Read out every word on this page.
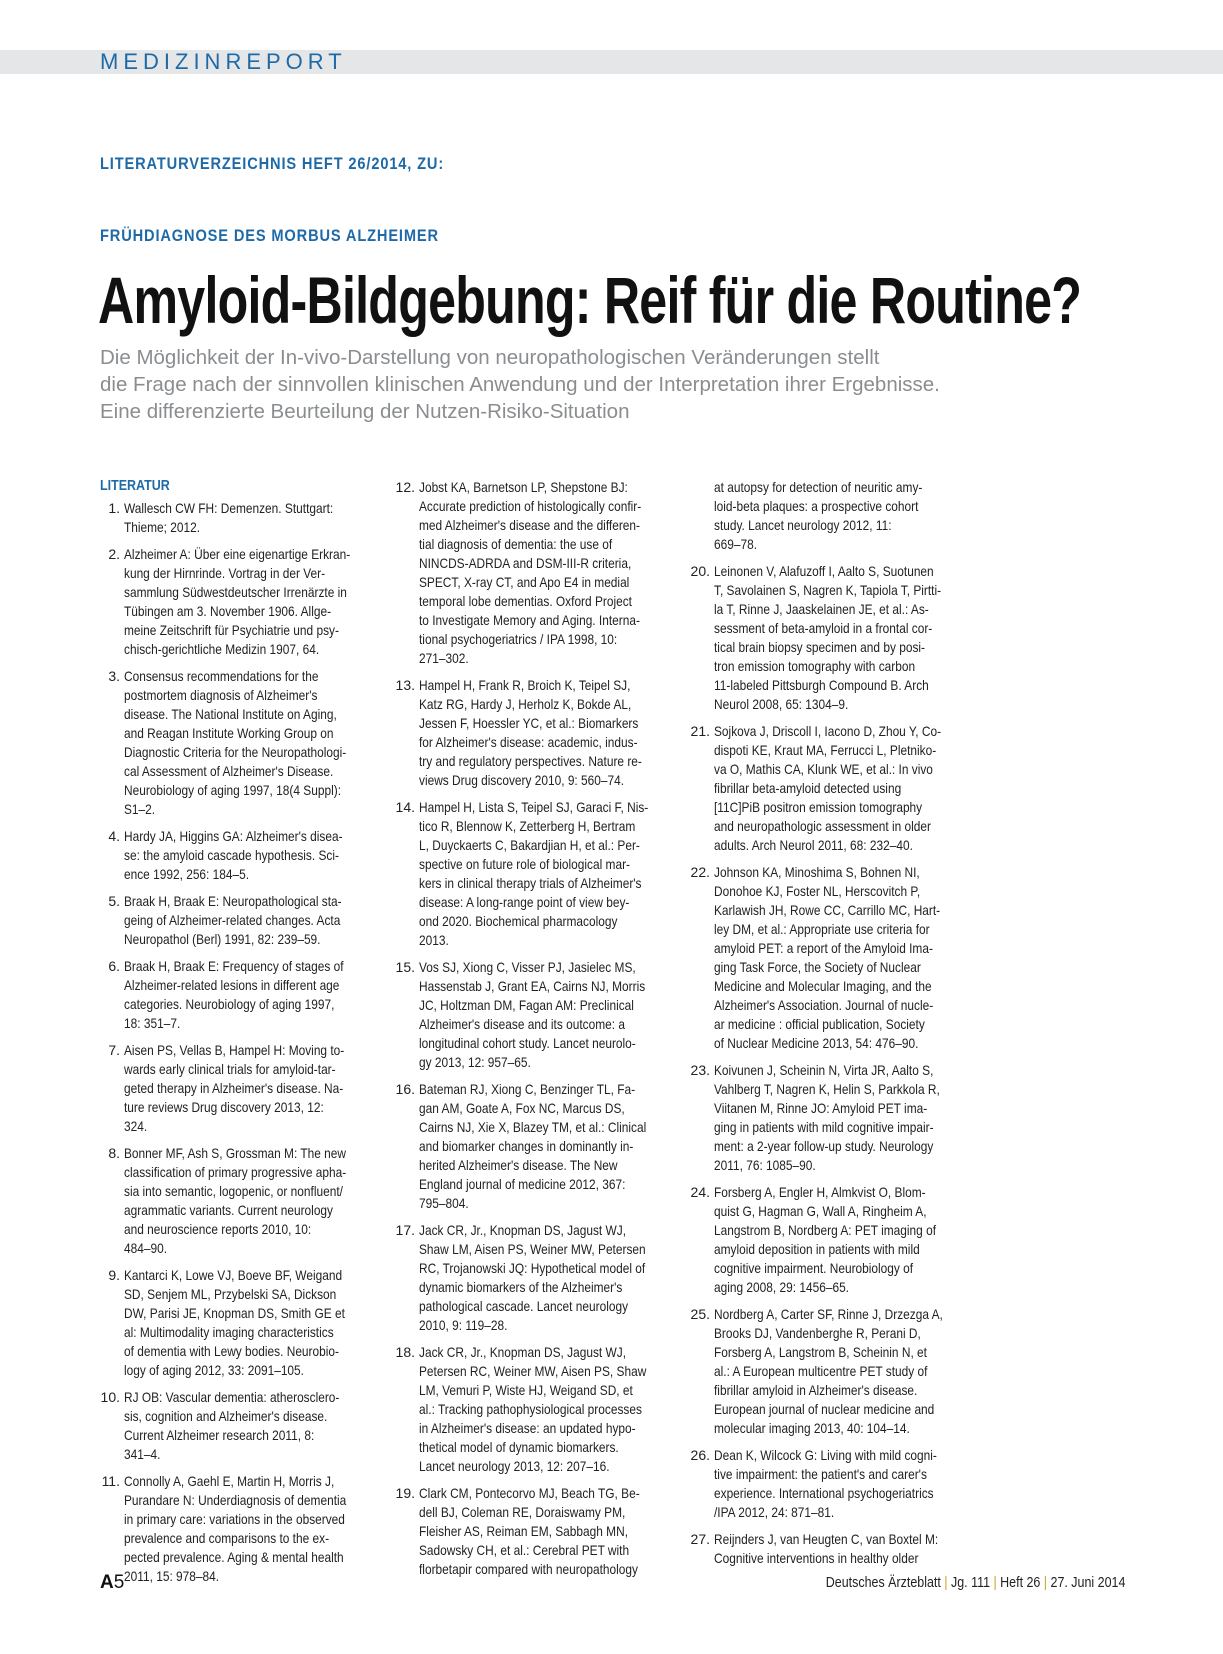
MEDIZINREPORT
LITERATURVERZEICHNIS HEFT 26/2014, ZU:
FRÜHDIAGNOSE DES MORBUS ALZHEIMER
Amyloid-Bildgebung: Reif für die Routine?

Die Möglichkeit der In-vivo-Darstellung von neuropathologischen Veränderungen stellt
die Frage nach der sinnvollen klinischen Anwendung und der Interpretation ihrer Ergebnisse.
Eine differenzierte Beurteilung der Nutzen-Risiko-Situation

LITERATUR
1. Wallesch CW FH: Demenzen. Stuttgart:
Thieme; 2012.
2. Alzheimer A: Über eine eigenartige Erkran-
kung der Hirnrinde. Vortrag in der Ver-
sammlung Südwestdeutscher Irrenärzte in
Tübingen am 3. November 1906. Allge-
meine Zeitschrift für Psychiatrie und psy-
chisch-gerichtliche Medizin 1907, 64.
3. Consensus recommendations for the
postmortem diagnosis of Alzheimer's
disease. The National Institute on Aging,
and Reagan Institute Working Group on
Diagnostic Criteria for the Neuropathologi-
cal Assessment of Alzheimer's Disease.
Neurobiology of aging 1997, 18(4 Suppl):
S1–2.
4. Hardy JA, Higgins GA: Alzheimer's disea-
se: the amyloid cascade hypothesis. Sci-
ence 1992, 256: 184–5.
5. Braak H, Braak E: Neuropathological sta-
geing of Alzheimer-related changes. Acta
Neuropathol (Berl) 1991, 82: 239–59.
6. Braak H, Braak E: Frequency of stages of
Alzheimer-related lesions in different age
categories. Neurobiology of aging 1997,
18: 351–7.
7. Aisen PS, Vellas B, Hampel H: Moving to-
wards early clinical trials for amyloid-tar-
geted therapy in Alzheimer's disease. Na-
ture reviews Drug discovery 2013, 12:
324.
8. Bonner MF, Ash S, Grossman M: The new
classification of primary progressive apha-
sia into semantic, logopenic, or nonfluent/
agrammatic variants. Current neurology
and neuroscience reports 2010, 10:
484–90.
9. Kantarci K, Lowe VJ, Boeve BF, Weigand
SD, Senjem ML, Przybelski SA, Dickson
DW, Parisi JE, Knopman DS, Smith GE et
al: Multimodality imaging characteristics
of dementia with Lewy bodies. Neurobio-
logy of aging 2012, 33: 2091–105.
10. RJ OB: Vascular dementia: atherosclero-
sis, cognition and Alzheimer's disease.
Current Alzheimer research 2011, 8:
341–4.
11. Connolly A, Gaehl E, Martin H, Morris J,
Purandare N: Underdiagnosis of dementia
in primary care: variations in the observed
prevalence and comparisons to the ex-
pected prevalence. Aging & mental health
2011, 15: 978–84.
12. Jobst KA, Barnetson LP, Shepstone BJ:
Accurate prediction of histologically confir-
med Alzheimer's disease and the differen-
tial diagnosis of dementia: the use of
NINCDS-ADRDA and DSM-III-R criteria,
SPECT, X-ray CT, and Apo E4 in medial
temporal lobe dementias. Oxford Project
to Investigate Memory and Aging. Interna-
tional psychogeriatrics / IPA 1998, 10:
271–302.
13. Hampel H, Frank R, Broich K, Teipel SJ,
Katz RG, Hardy J, Herholz K, Bokde AL,
Jessen F, Hoessler YC, et al.: Biomarkers
for Alzheimer's disease: academic, indus-
try and regulatory perspectives. Nature re-
views Drug discovery 2010, 9: 560–74.
14. Hampel H, Lista S, Teipel SJ, Garaci F, Nis-
tico R, Blennow K, Zetterberg H, Bertram
L, Duyckaerts C, Bakardjian H, et al.: Per-
spective on future role of biological mar-
kers in clinical therapy trials of Alzheimer's
disease: A long-range point of view bey-
ond 2020. Biochemical pharmacology
2013.
15. Vos SJ, Xiong C, Visser PJ, Jasielec MS,
Hassenstab J, Grant EA, Cairns NJ, Morris
JC, Holtzman DM, Fagan AM: Preclinical
Alzheimer's disease and its outcome: a
longitudinal cohort study. Lancet neurolo-
gy 2013, 12: 957–65.
16. Bateman RJ, Xiong C, Benzinger TL, Fa-
gan AM, Goate A, Fox NC, Marcus DS,
Cairns NJ, Xie X, Blazey TM, et al.: Clinical
and biomarker changes in dominantly in-
herited Alzheimer's disease. The New
England journal of medicine 2012, 367:
795–804.
17. Jack CR, Jr., Knopman DS, Jagust WJ,
Shaw LM, Aisen PS, Weiner MW, Petersen
RC, Trojanowski JQ: Hypothetical model of
dynamic biomarkers of the Alzheimer's
pathological cascade. Lancet neurology
2010, 9: 119–28.
18. Jack CR, Jr., Knopman DS, Jagust WJ,
Petersen RC, Weiner MW, Aisen PS, Shaw
LM, Vemuri P, Wiste HJ, Weigand SD, et
al.: Tracking pathophysiological processes
in Alzheimer's disease: an updated hypo-
thetical model of dynamic biomarkers.
Lancet neurology 2013, 12: 207–16.
19. Clark CM, Pontecorvo MJ, Beach TG, Be-
dell BJ, Coleman RE, Doraiswamy PM,
Fleisher AS, Reiman EM, Sabbagh MN,
Sadowsky CH, et al.: Cerebral PET with
florbetapir compared with neuropathology
at autopsy for detection of neuritic amy-
loid-beta plaques: a prospective cohort
study. Lancet neurology 2012, 11:
669–78.
20. Leinonen V, Alafuzoff I, Aalto S, Suotunen
T, Savolainen S, Nagren K, Tapiola T, Pirtti-
la T, Rinne J, Jaaskelainen JE, et al.: As-
sessment of beta-amyloid in a frontal cor-
tical brain biopsy specimen and by posi-
tron emission tomography with carbon
11-labeled Pittsburgh Compound B. Arch
Neurol 2008, 65: 1304–9.
21. Sojkova J, Driscoll I, Iacono D, Zhou Y, Co-
dispoti KE, Kraut MA, Ferrucci L, Pletniko-
va O, Mathis CA, Klunk WE, et al.: In vivo
fibrillar beta-amyloid detected using
[11C]PiB positron emission tomography
and neuropathologic assessment in older
adults. Arch Neurol 2011, 68: 232–40.
22. Johnson KA, Minoshima S, Bohnen NI,
Donohoe KJ, Foster NL, Herscovitch P,
Karlawish JH, Rowe CC, Carrillo MC, Hart-
ley DM, et al.: Appropriate use criteria for
amyloid PET: a report of the Amyloid Ima-
ging Task Force, the Society of Nuclear
Medicine and Molecular Imaging, and the
Alzheimer's Association. Journal of nucle-
ar medicine : official publication, Society
of Nuclear Medicine 2013, 54: 476–90.
23. Koivunen J, Scheinin N, Virta JR, Aalto S,
Vahlberg T, Nagren K, Helin S, Parkkola R,
Viitanen M, Rinne JO: Amyloid PET ima-
ging in patients with mild cognitive impair-
ment: a 2-year follow-up study. Neurology
2011, 76: 1085–90.
24. Forsberg A, Engler H, Almkvist O, Blom-
quist G, Hagman G, Wall A, Ringheim A,
Langstrom B, Nordberg A: PET imaging of
amyloid deposition in patients with mild
cognitive impairment. Neurobiology of
aging 2008, 29: 1456–65.
25. Nordberg A, Carter SF, Rinne J, Drzezga A,
Brooks DJ, Vandenberghe R, Perani D,
Forsberg A, Langstrom B, Scheinin N, et
al.: A European multicentre PET study of
fibrillar amyloid in Alzheimer's disease.
European journal of nuclear medicine and
molecular imaging 2013, 40: 104–14.
26. Dean K, Wilcock G: Living with mild cogni-
tive impairment: the patient's and carer's
experience. International psychogeriatrics
/IPA 2012, 24: 871–81.
27. Reijnders J, van Heugten C, van Boxtel M:
Cognitive interventions in healthy older
A5	Deutsches Ärzteblatt | Jg. 111 | Heft 26 | 27. Juni 2014
